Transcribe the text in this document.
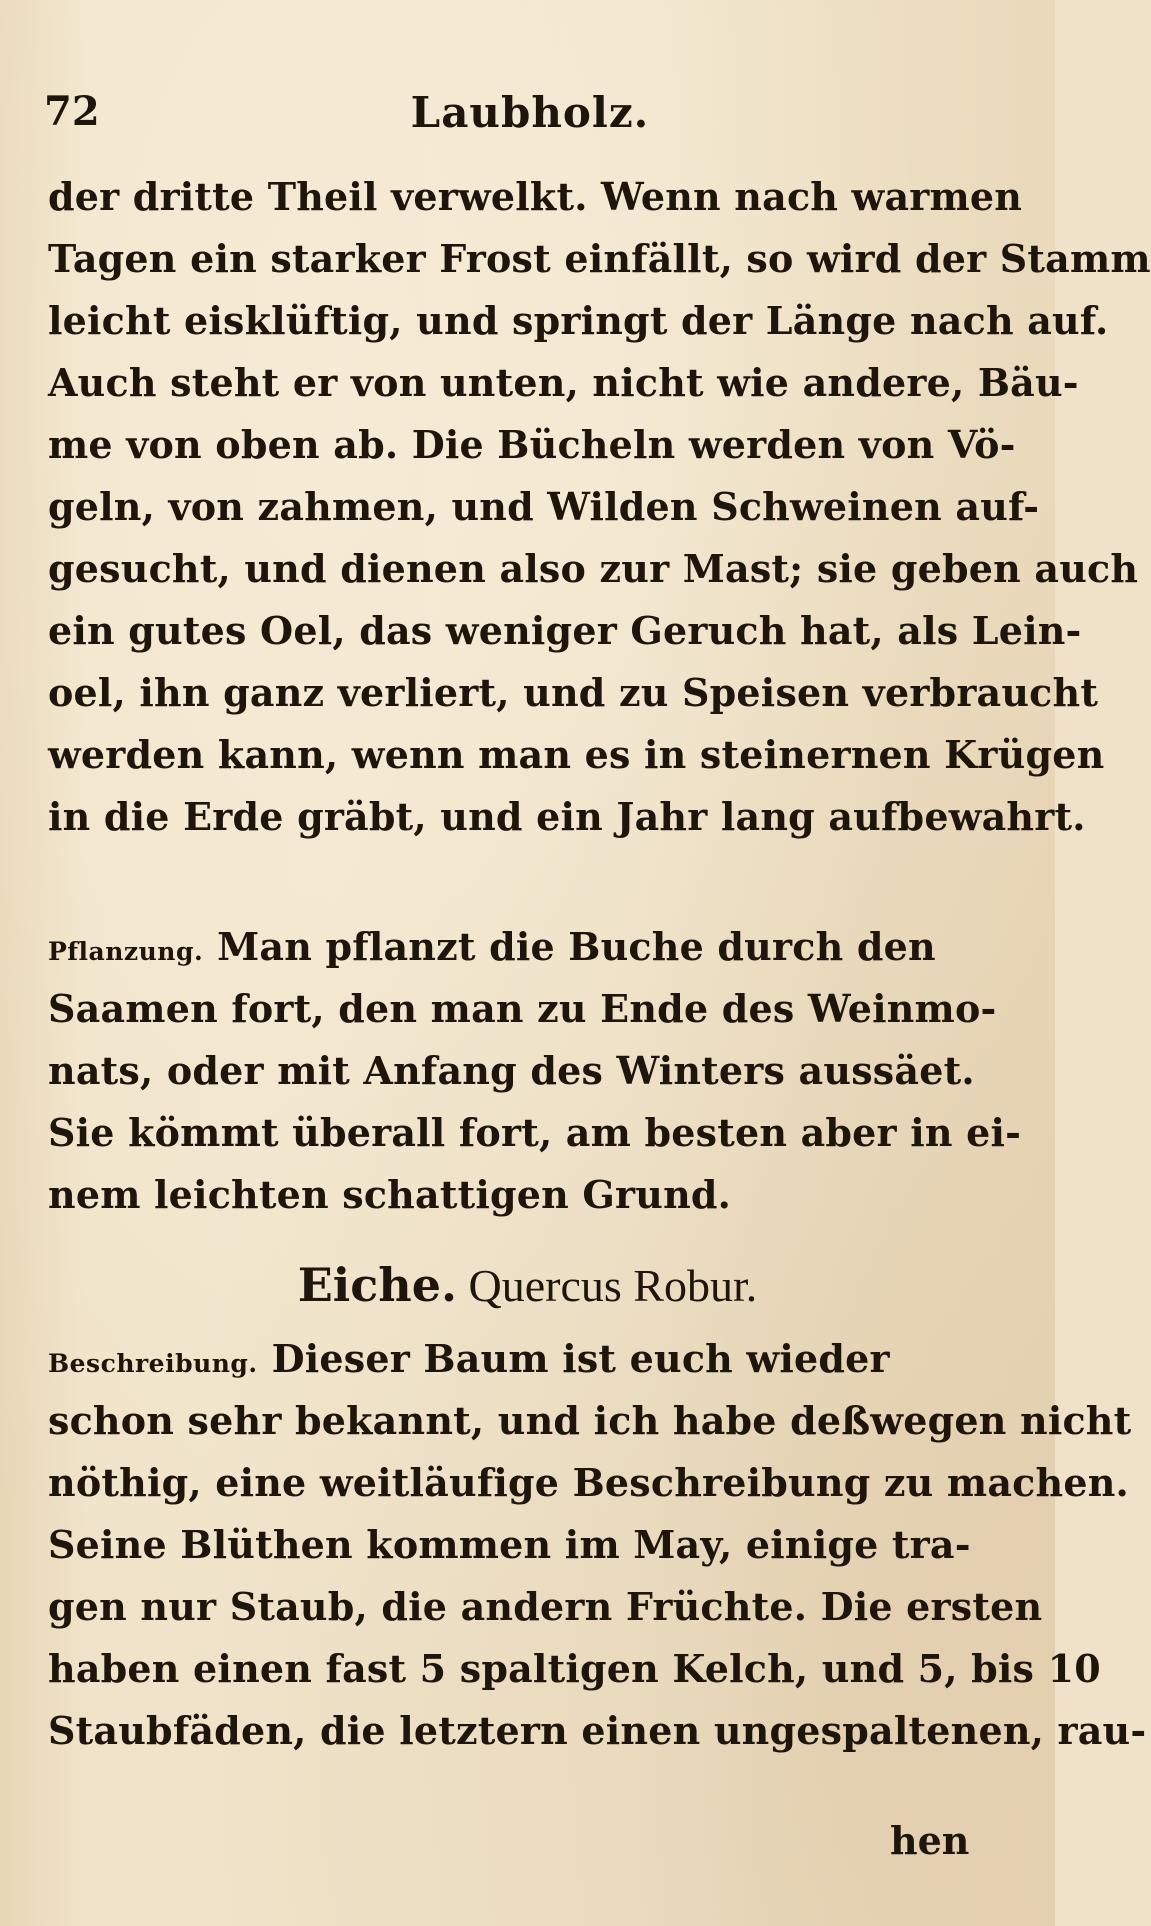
72	Laubholz.
der dritte Theil verwelkt. Wenn nach warmen
Tagen ein starker Frost einfällt, so wird der Stamm
leicht eisklüftig, und springt der Länge nach auf.
Auch steht er von unten, nicht wie andere, Bäu-
me von oben ab. Die Bücheln werden von Vö-
geln, von zahmen, und Wilden Schweinen auf-
gesucht, und dienen also zur Mast; sie geben auch
ein gutes Oel, das weniger Geruch hat, als Lein-
oel, ihn ganz verliert, und zu Speisen verbraucht
werden kann, wenn man es in steinernen Krügen
in die Erde gräbt, und ein Jahr lang aufbewahrt.
Pflanzung. Man pflanzt die Buche durch den
Saamen fort, den man zu Ende des Weinmo-
nats, oder mit Anfang des Winters aussäet.
Sie kömmt überall fort, am besten aber in ei-
nem leichten schattigen Grund.
Eiche. Quercus Robur.
Beschreibung. Dieser Baum ist euch wieder
schon sehr bekannt, und ich habe deßwegen nicht
nöthig, eine weitläufige Beschreibung zu machen.
Seine Blüthen kommen im May, einige tra-
gen nur Staub, die andern Früchte. Die ersten
haben einen fast 5 spaltigen Kelch, und 5, bis 10
Staubfäden, die letztern einen ungespaltenen, rau-
hen
